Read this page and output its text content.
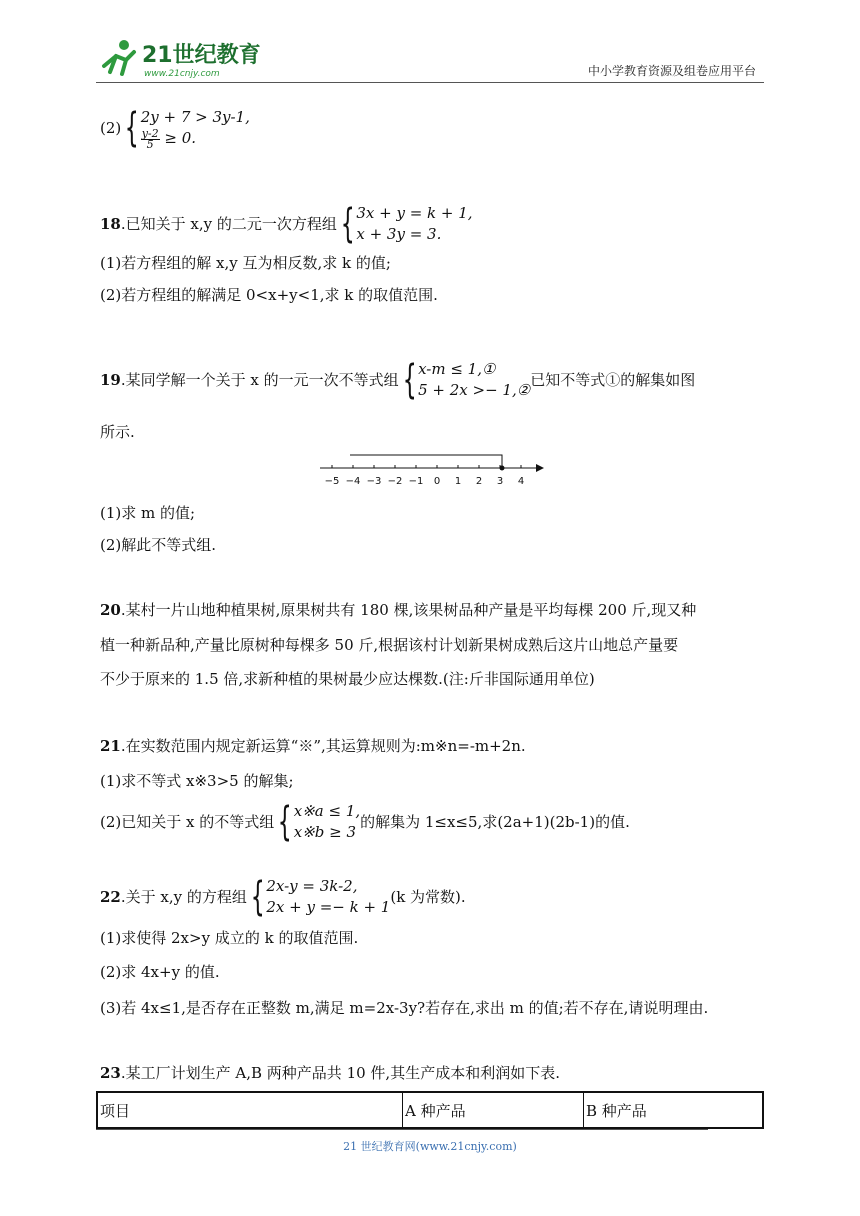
21世纪教育
www.21cnjy.com	中小学教育资源及组卷应用平台
(2) { 2y + 7 > 3y-1,
$\frac{y-2}{5} \ge 0$.
18 .已知关于 x,y 的二元一次方程组 { 3x + y = k + 1,
x + 3y = 3.
(1)若方程组的解 x,y 互为相反数,求 k 的值;
(2)若方程组的解满足 0<x+y<1,求 k 的取值范围.
19 .某同学解一个关于 x 的一元一次不等式组 { x-m ≤ 1,①
5 + 2x >− 1,②
已知不等式①的解集如图
所示.
−5 −4 −3 −2 −1 0 1 2 3 4
(1)求 m 的值;
(2)解此不等式组.
20.某村一片山地种植果树,原果树共有 180 棵,该果树品种产量是平均每棵 200 斤,现又种
植一种新品种,产量比原树种每棵多 50 斤,根据该村计划新果树成熟后这片山地总产量要
不少于原来的 1.5 倍,求新种植的果树最少应达棵数.(注:斤非国际通用单位)
21.在实数范围内规定新运算“※”,其运算规则为:m※n=-m+2n.
(1)求不等式 x※3>5 的解集;
(2)已知关于 x 的不等式组 { x※a ≤ 1,
x※b ≥ 3
的解集为 1≤x≤5,求(2a+1)(2b-1)的值.
22 .关于 x,y 的方程组 { 2x-y = 3k-2,
2x + y =− k + 1
(k 为常数).
(1)求使得 2x>y 成立的 k 的取值范围.
(2)求 4x+y 的值.
(3)若 4x≤1,是否存在正整数 m,满足 m=2x-3y?若存在,求出 m 的值;若不存在,请说明理由.
23.某工厂计划生产 A,B 两种产品共 10 件,其生产成本和利润如下表.
项目	A 种产品	B 种产品
21 世纪教育网(www.21cnjy.com)
